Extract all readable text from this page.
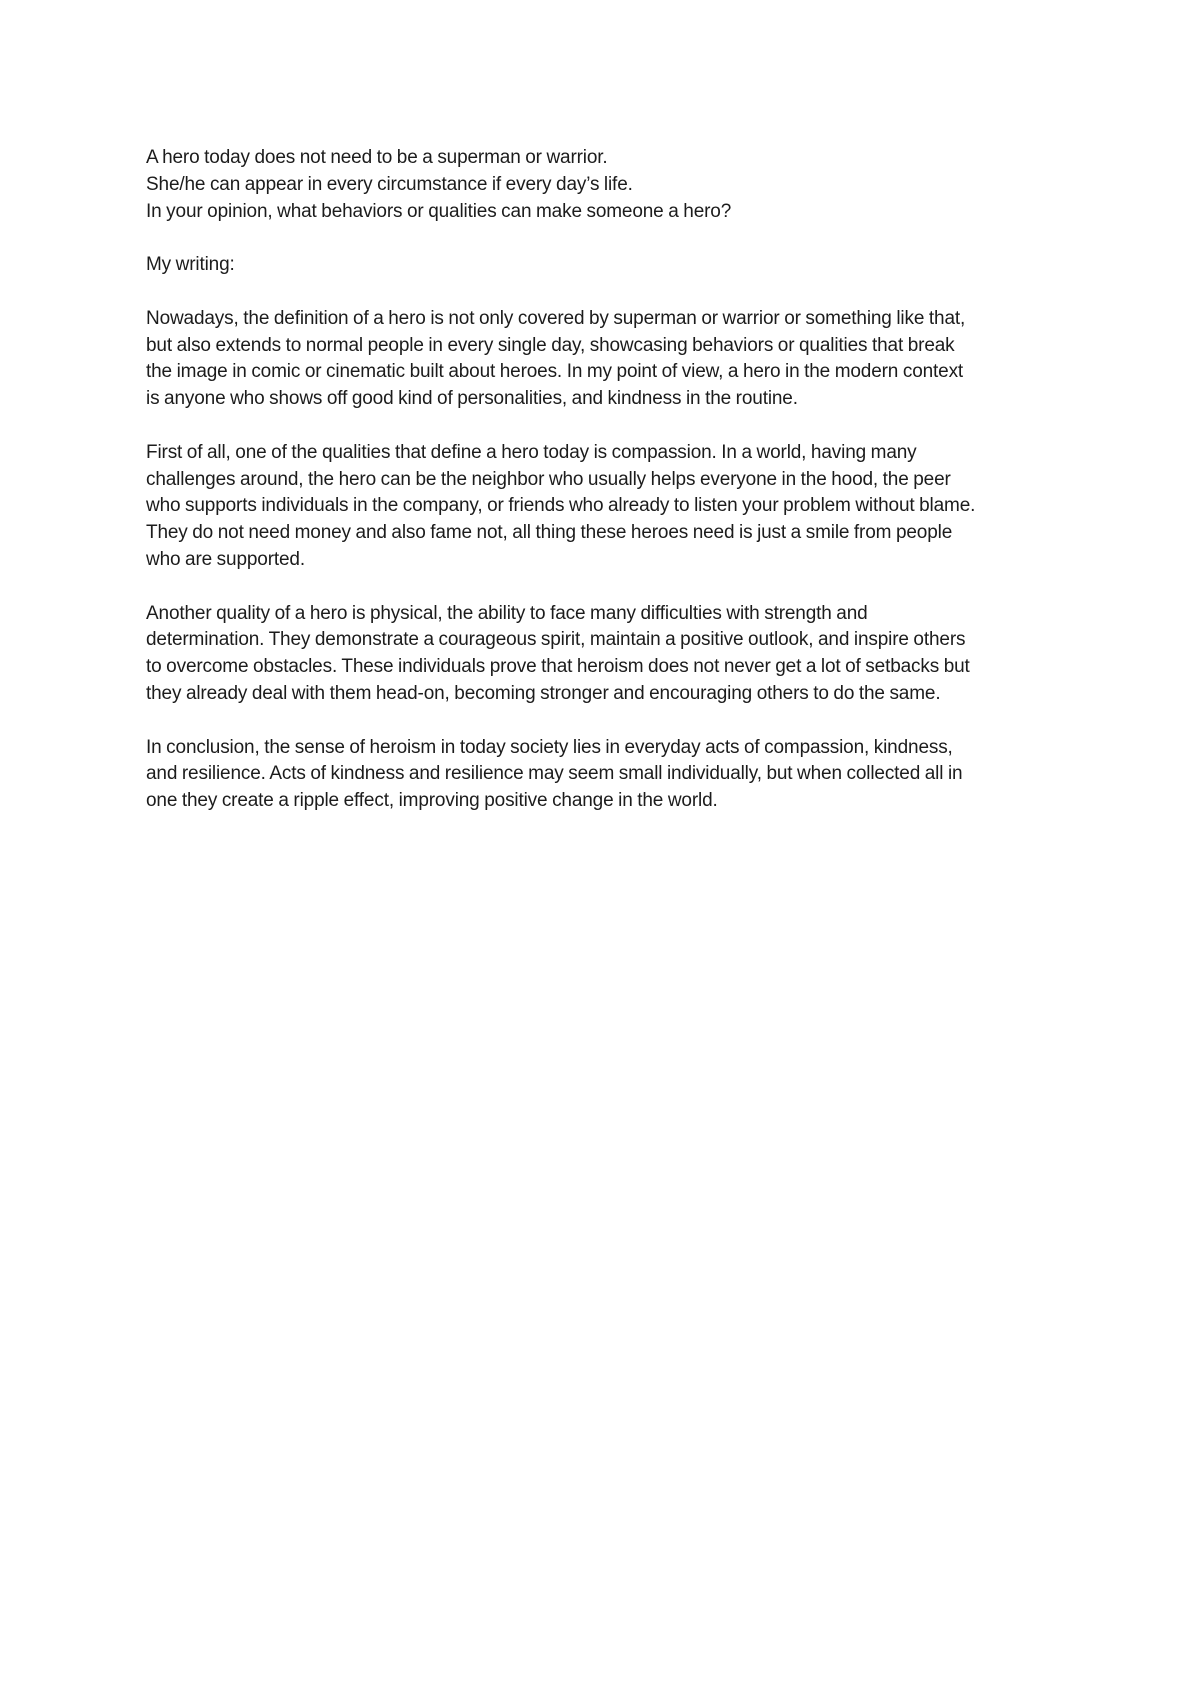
A hero today does not need to be a superman or warrior.
She/he can appear in every circumstance if every day’s life.
In your opinion, what behaviors or qualities can make someone a hero?
My writing:
Nowadays, the definition of a hero is not only covered by superman or warrior or something like that,
but also extends to normal people in every single day, showcasing behaviors or qualities that break
the image in comic or cinematic built about heroes. In my point of view, a hero in the modern context
is anyone who shows off good kind of personalities, and kindness in the routine.
First of all, one of the qualities that define a hero today is compassion. In a world, having many
challenges around, the hero can be the neighbor who usually helps everyone in the hood, the peer
who supports individuals in the company, or friends who already to listen your problem without blame.
They do not need money and also fame not, all thing these heroes need is just a smile from people
who are supported.
Another quality of a hero is physical, the ability to face many difficulties with strength and
determination. They demonstrate a courageous spirit, maintain a positive outlook, and inspire others
to overcome obstacles. These individuals prove that heroism does not never get a lot of setbacks but
they already deal with them head-on, becoming stronger and encouraging others to do the same.
In conclusion, the sense of heroism in today society lies in everyday acts of compassion, kindness,
and resilience. Acts of kindness and resilience may seem small individually, but when collected all in
one they create a ripple effect, improving positive change in the world.
